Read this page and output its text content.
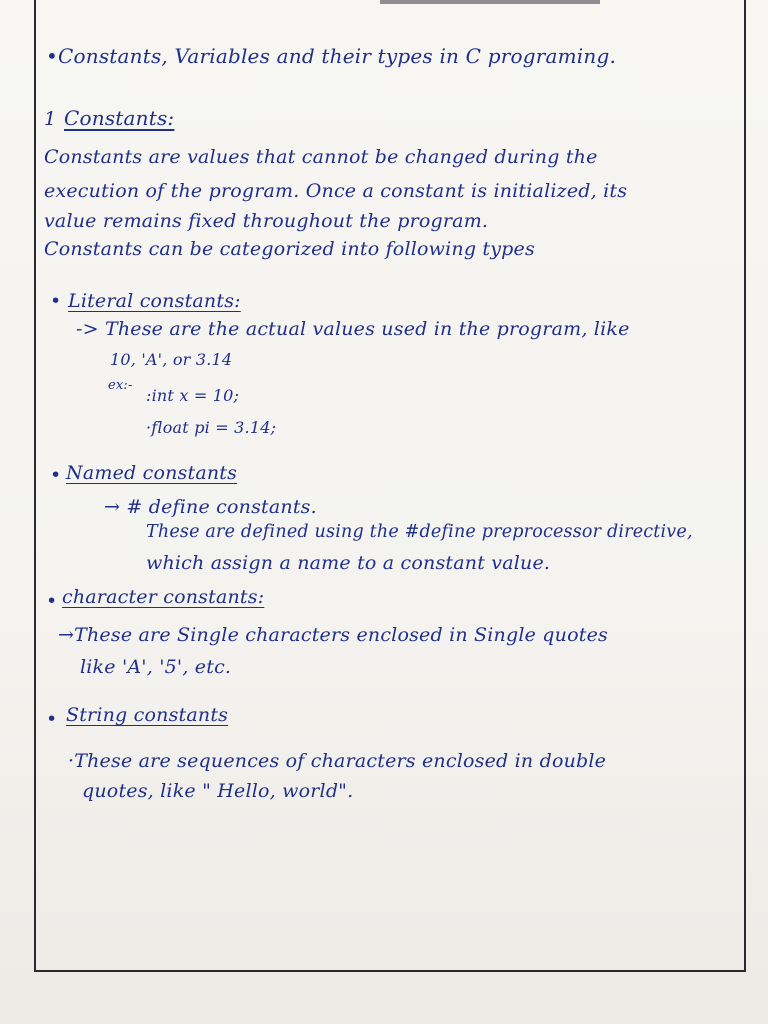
•Constants, Variables and their types in C programing.
1 Constants:
Constants are values that cannot be changed during the
execution of the program. Once a constant is initialized, its
value remains fixed throughout the program.
Constants can be categorized into following types
• Literal constants:
-> These are the actual values used in the program, like
10, 'A', or 3.14
ex:-
:int x = 10;
·float pi = 3.14;
• Named constants
→ # define constants.
These are defined using the #define preprocessor directive,
which assign a name to a constant value.
• character constants:
→These are Single characters enclosed in Single quotes
like 'A', '5', etc.
• String constants
·These are sequences of characters enclosed in double
quotes, like " Hello, world".
